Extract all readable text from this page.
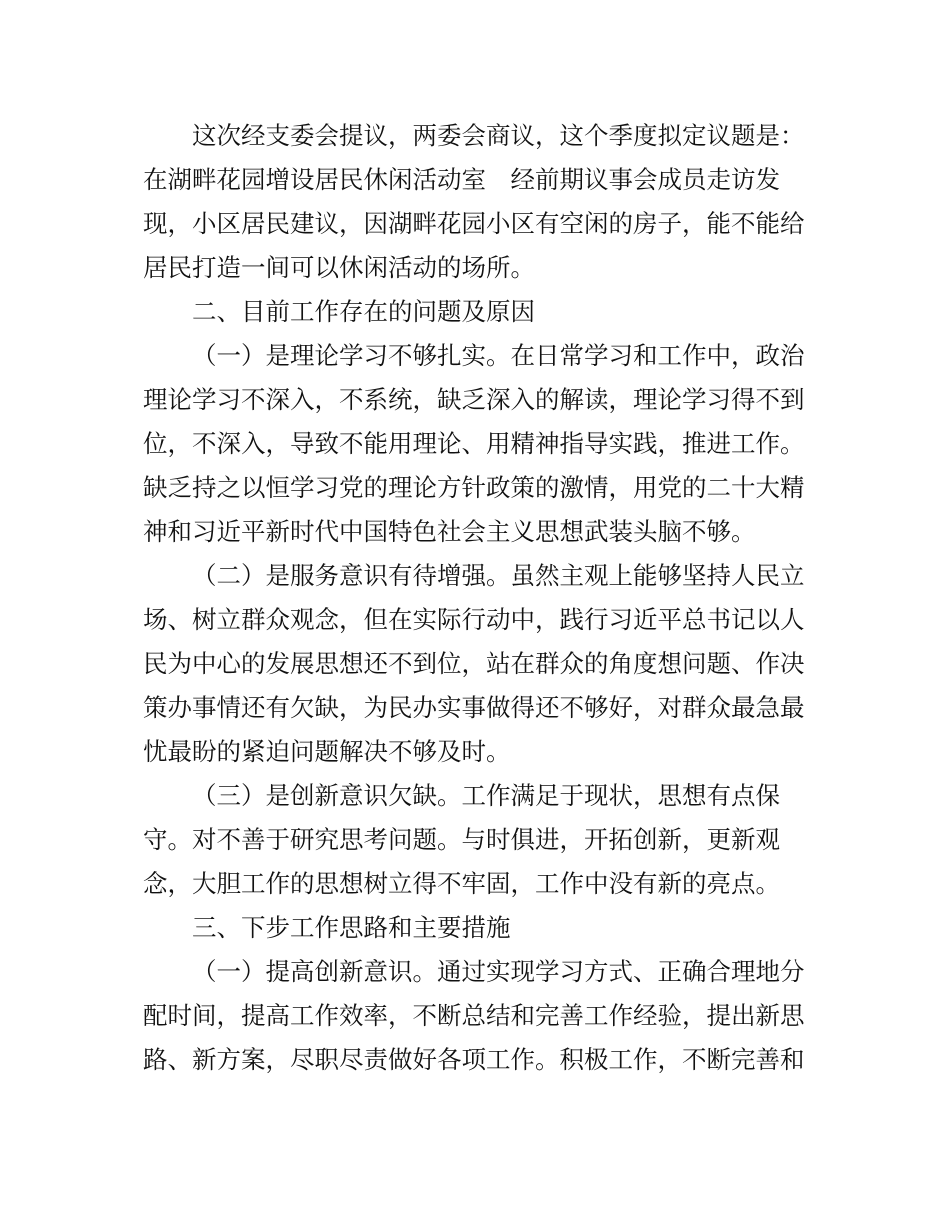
这次经支委会提议，两委会商议，这个季度拟定议题是：
在湖畔花园增设居民休闲活动室　经前期议事会成员走访发
现，小区居民建议，因湖畔花园小区有空闲的房子，能不能给
居民打造一间可以休闲活动的场所。

二、目前工作存在的问题及原因

（一）是理论学习不够扎实。在日常学习和工作中，政治
理论学习不深入，不系统，缺乏深入的解读，理论学习得不到
位，不深入，导致不能用理论、用精神指导实践，推进工作。
缺乏持之以恒学习党的理论方针政策的激情，用党的二十大精
神和习近平新时代中国特色社会主义思想武装头脑不够。

（二）是服务意识有待增强。虽然主观上能够坚持人民立
场、树立群众观念，但在实际行动中，践行习近平总书记以人
民为中心的发展思想还不到位，站在群众的角度想问题、作决
策办事情还有欠缺，为民办实事做得还不够好，对群众最急最
忧最盼的紧迫问题解决不够及时。

（三）是创新意识欠缺。工作满足于现状，思想有点保
守。对不善于研究思考问题。与时俱进，开拓创新，更新观
念，大胆工作的思想树立得不牢固，工作中没有新的亮点。

三、下步工作思路和主要措施

（一）提高创新意识。通过实现学习方式、正确合理地分
配时间，提高工作效率，不断总结和完善工作经验，提出新思
路、新方案，尽职尽责做好各项工作。积极工作，不断完善和
